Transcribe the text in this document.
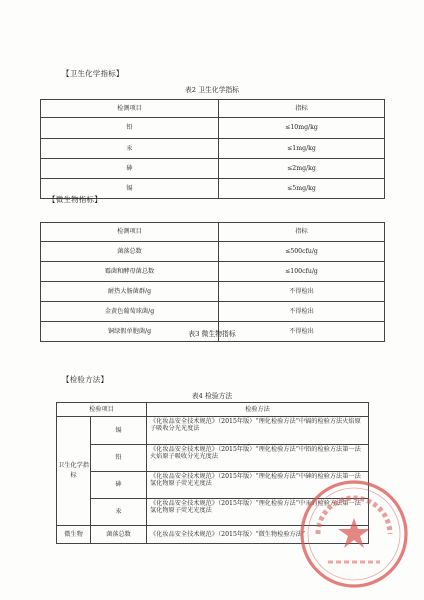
【卫生化学指标】
表2 卫生化学指标
检测项目	指标
铅	≤10mg/kg
汞	≤1mg/kg
砷	≤2mg/kg
镉	≤5mg/kg
【微生物指标】
检测项目	指标
菌落总数	≤500cfu/g
霉菌和酵母菌总数	≤100cfu/g
耐热大肠菌群/g	不得检出
金黄色葡萄球菌/g	不得检出
铜绿假单胞菌/g	不得检出
表3 微生物指标
【检验方法】
表4 检验方法
检验项目		检验方法
卫生化学指标	镉	《化妆品安全技术规范》（2015年版）“理化检验方法”中镉的检验方法火焰原子吸收分光光度法
	铅	《化妆品安全技术规范》（2015年版）“理化检验方法”中铅的检验方法第一法 火焰原子吸收分光光度法
	砷	《化妆品安全技术规范》（2015年版）“理化检验方法”中砷的检验方法第一法 氢化物原子荧光光度法
	汞	《化妆品安全技术规范》（2015年版）“理化检验方法”中汞的检验方法第一法 氢化物原子荧光光度法
微生物	菌落总数	《化妆品安全技术规范》（2015年版）“微生物检验方法”
